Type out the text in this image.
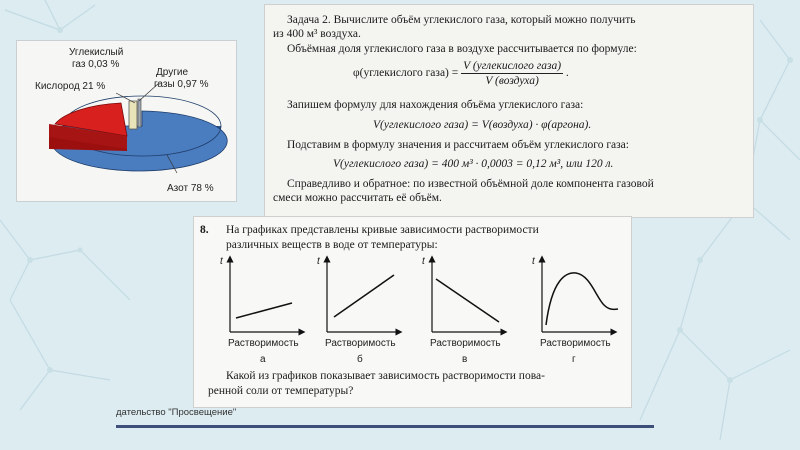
Углекислый
газ 0,03 %
Другие
газы 0,97 %
Кислород 21 %
Азот 78 %

Задача 2. Вычислите объём углекислого газа, который можно получить

из 400 м³ воздуха.

Объёмная доля углекислого газа в воздухе рассчитывается по формуле:

φ(углекислого газа) = $\frac{\text{V (углекислого газа)}}{\text{V (воздуха)}}$ .

Запишем формулу для нахождения объёма углекислого газа:

V(углекислого газа) = V(воздуха) · φ(аргона).

Подставим в формулу значения и рассчитаем объём углекислого газа:

V(углекислого газа) = 400 м³ · 0,0003 = 0,12 м³, или 120 л.

Справедливо и обратное: по известной объёмной доле компонента газовой

смеси можно рассчитать её объём.

8. На графиках представлены кривые зависимости растворимости
различных веществ в воде от температуры:
t	t	t	t
Растворимость	Растворимость	Растворимость	Растворимость
а	б	в	г
Какой из графиков показывает зависимость растворимости пова-
ренной соли от температуры?
дательство "Просвещение"
